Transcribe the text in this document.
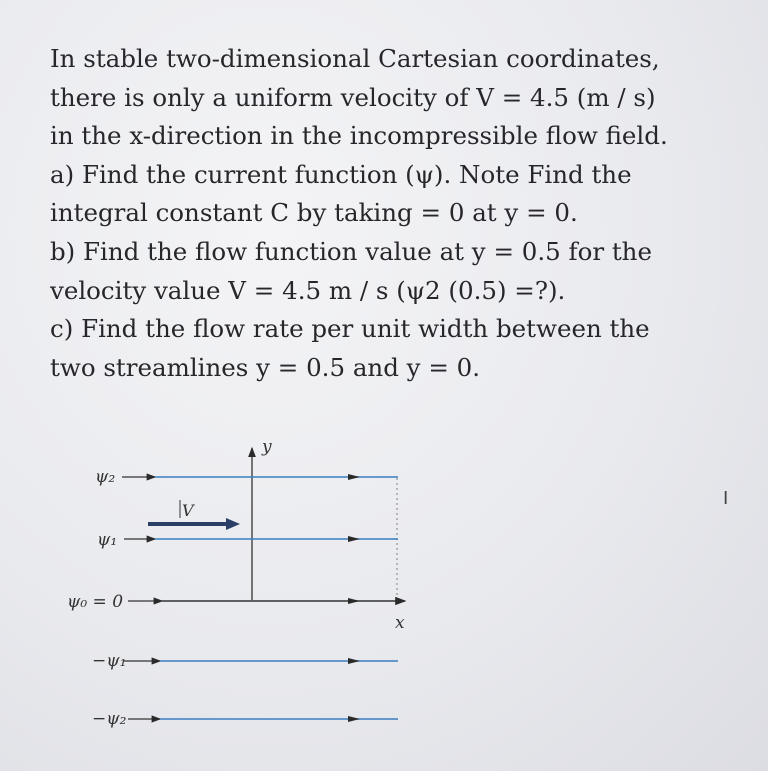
In stable two-dimensional Cartesian coordinates,
there is only a uniform velocity of V = 4.5 (m / s)
in the x-direction in the incompressible flow field.
a) Find the current function (ψ). Note Find the
integral constant C by taking = 0 at y = 0.
b) Find the flow function value at y = 0.5 for the
velocity value V = 4.5 m / s (ψ2 (0.5) =?).
c) Find the flow rate per unit width between the
two streamlines y = 0.5 and y = 0.
y
ψ₂
V
ψ₁
ψ₀ = 0
x
−ψ₁
−ψ₂
I
